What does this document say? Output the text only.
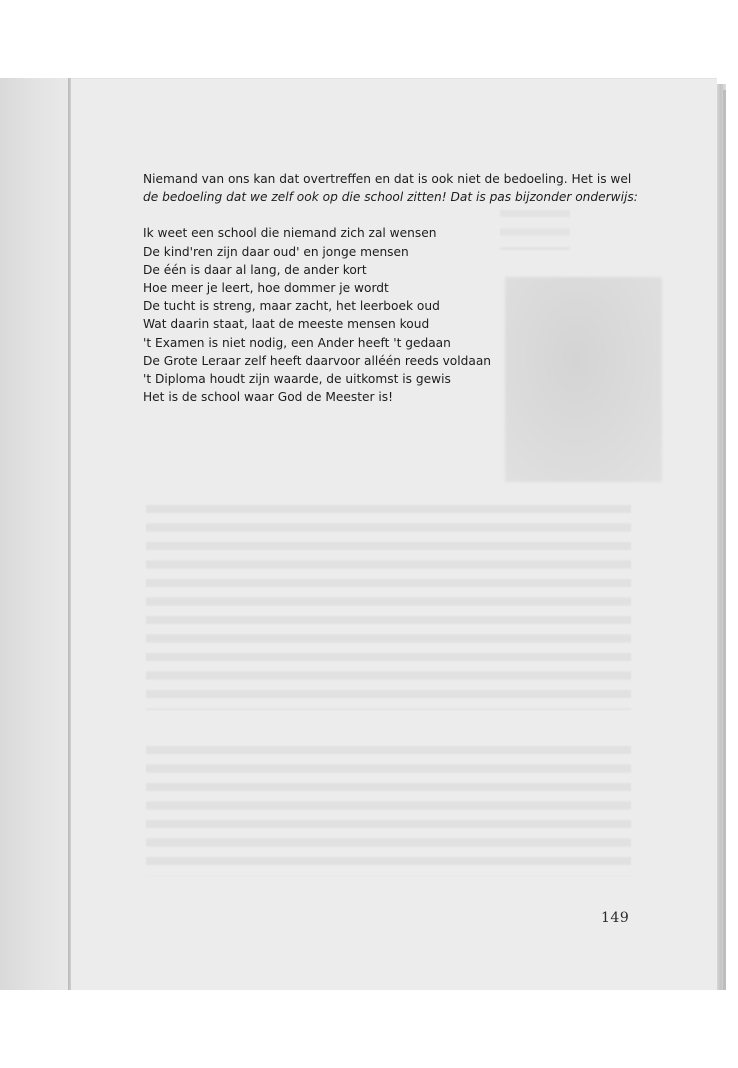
Niemand van ons kan dat overtreffen en dat is ook niet de bedoeling. Het is wel
de bedoeling dat we zelf ook op die school zitten! Dat is pas bijzonder onderwijs:

Ik weet een school die niemand zich zal wensen
De kind'ren zijn daar oud' en jonge mensen
De één is daar al lang, de ander kort
Hoe meer je leert, hoe dommer je wordt
De tucht is streng, maar zacht, het leerboek oud
Wat daarin staat, laat de meeste mensen koud
't Examen is niet nodig, een Ander heeft 't gedaan
De Grote Leraar zelf heeft daarvoor alléén reeds voldaan
't Diploma houdt zijn waarde, de uitkomst is gewis
Het is de school waar God de Meester is!
149
